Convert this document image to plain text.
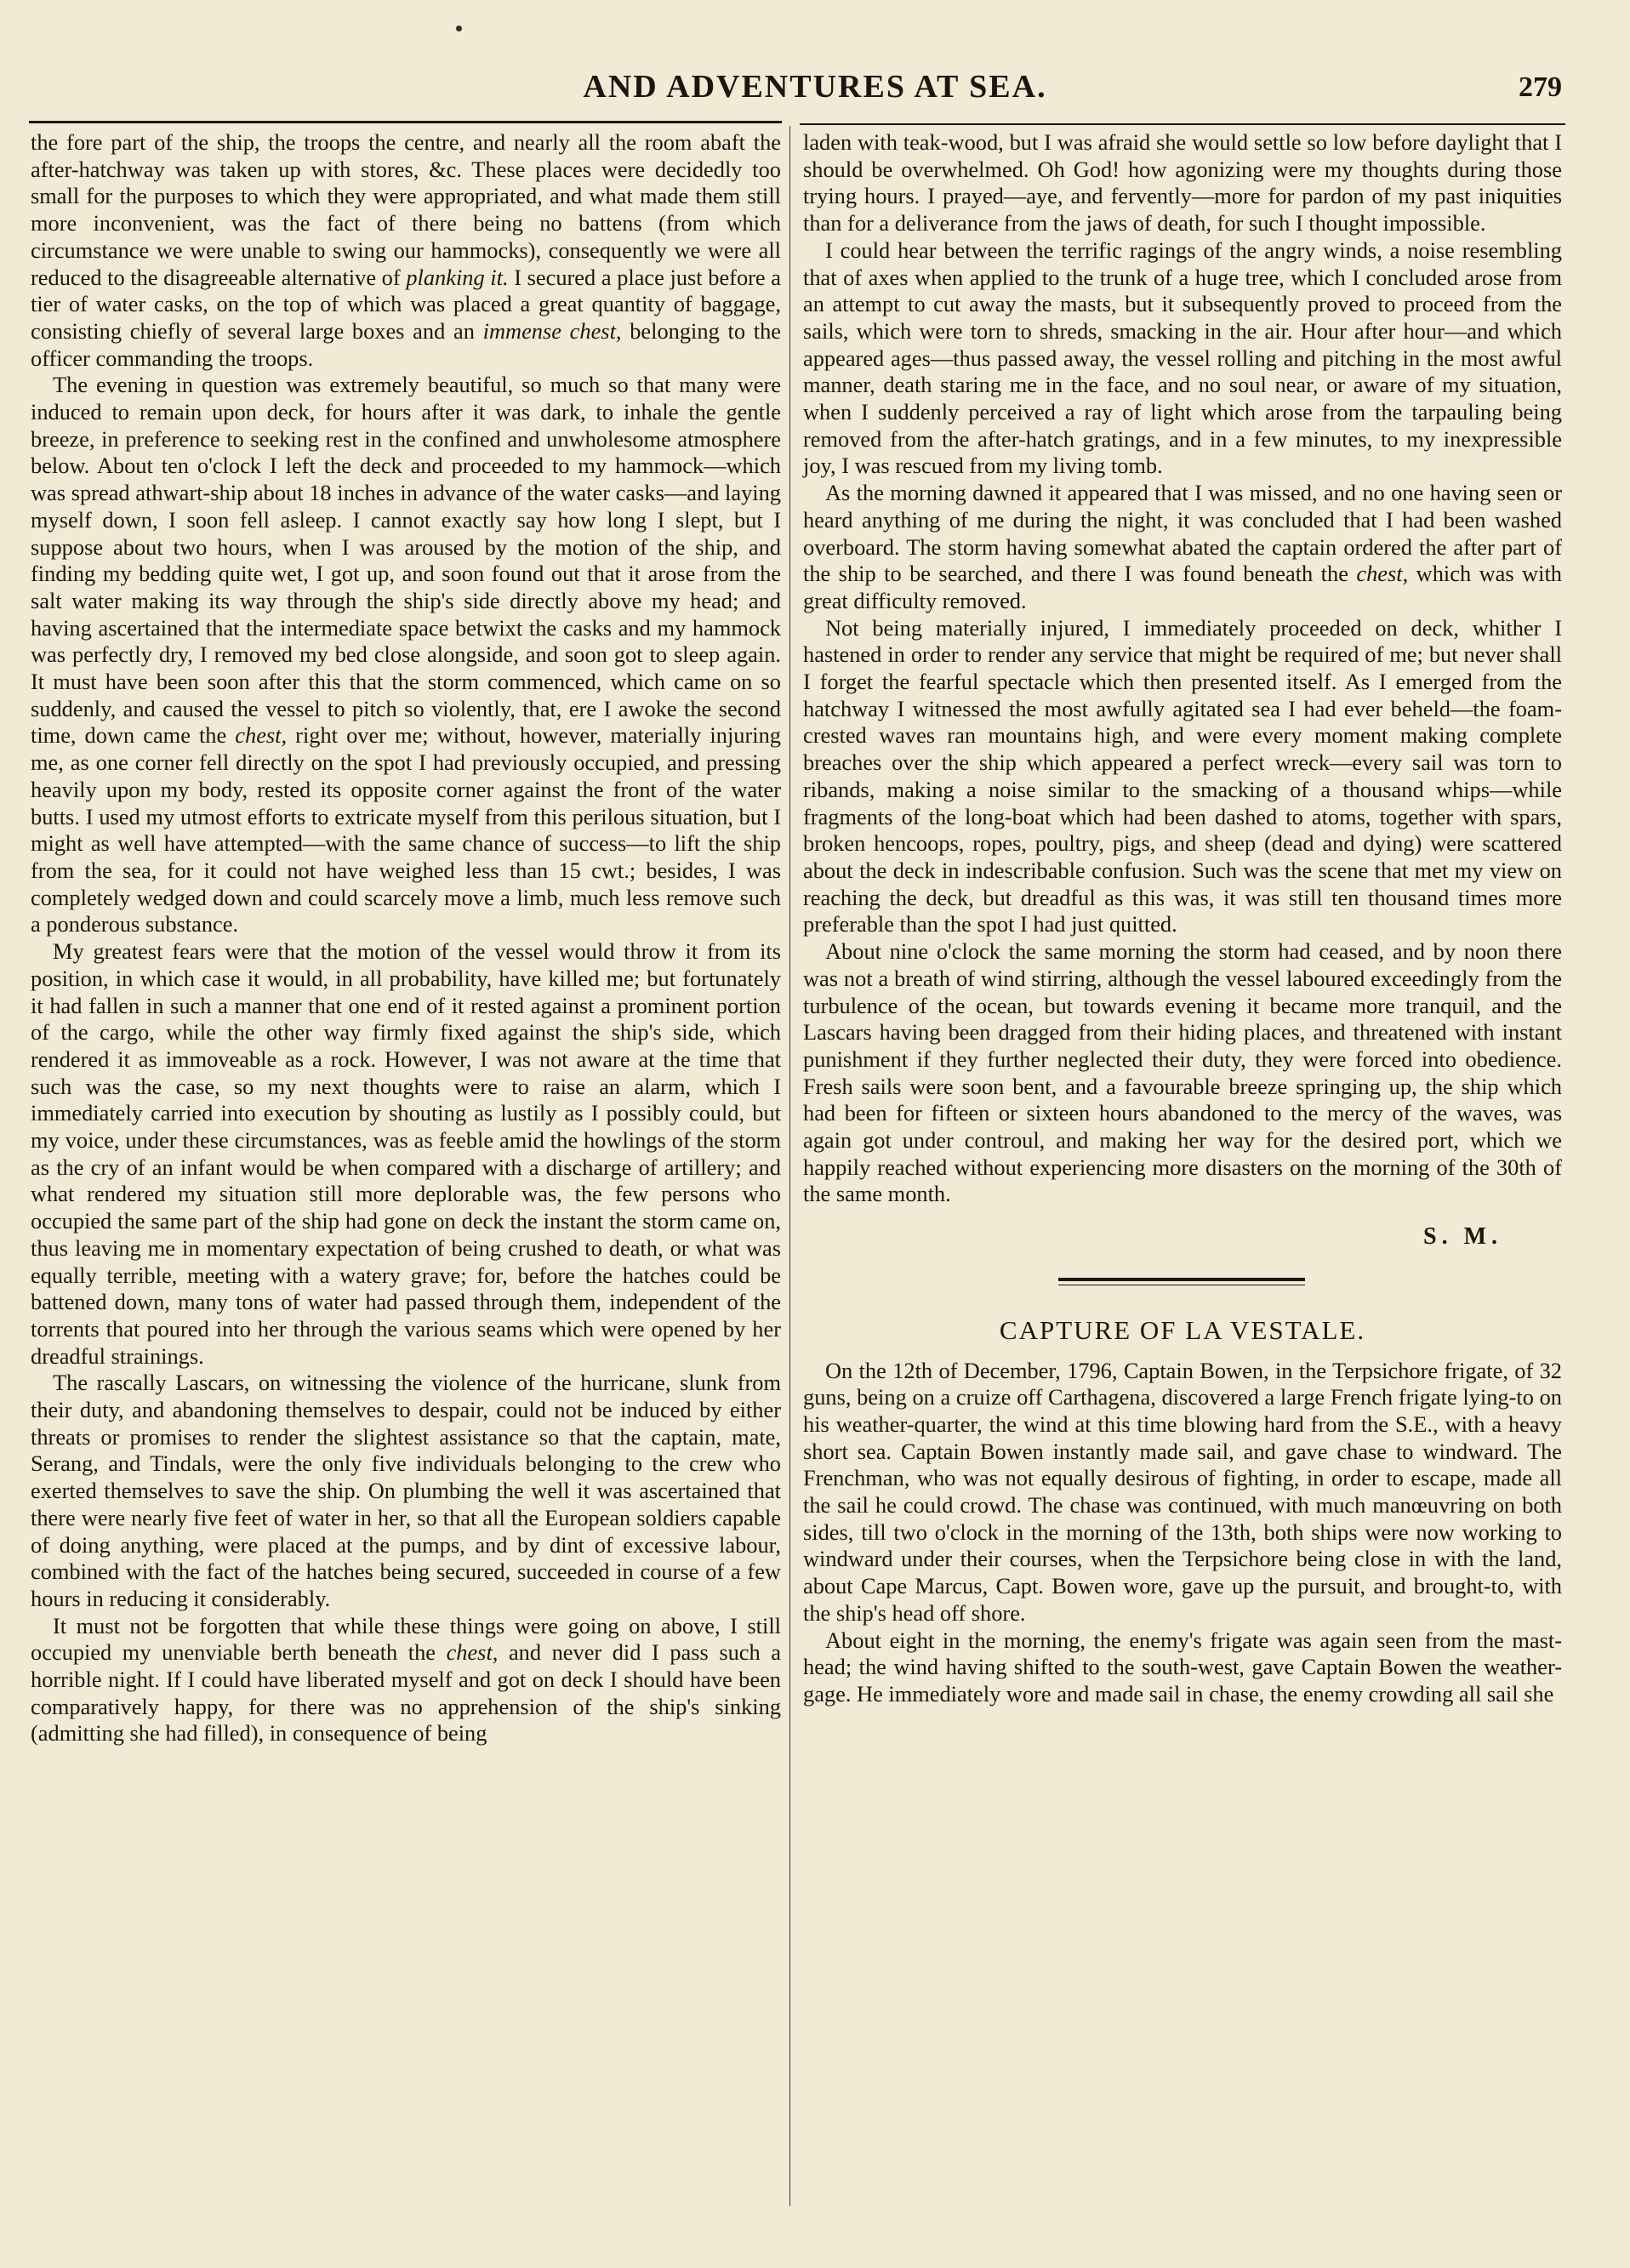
AND ADVENTURES AT SEA.	279

the fore part of the ship, the troops the centre, and nearly all the room abaft the after-hatchway was taken up with stores, &c. These places were decidedly too small for the purposes to which they were appropriated, and what made them still more inconvenient, was the fact of there being no battens (from which circumstance we were unable to swing our hammocks), consequently we were all reduced to the disagreeable alternative of planking it. I secured a place just before a tier of water casks, on the top of which was placed a great quantity of baggage, consisting chiefly of several large boxes and an immense chest, belonging to the officer commanding the troops.

The evening in question was extremely beautiful, so much so that many were induced to remain upon deck, for hours after it was dark, to inhale the gentle breeze, in preference to seeking rest in the confined and unwholesome atmosphere below. About ten o'clock I left the deck and proceeded to my hammock—which was spread athwart-ship about 18 inches in advance of the water casks—and laying myself down, I soon fell asleep. I cannot exactly say how long I slept, but I suppose about two hours, when I was aroused by the motion of the ship, and finding my bedding quite wet, I got up, and soon found out that it arose from the salt water making its way through the ship's side directly above my head; and having ascertained that the intermediate space betwixt the casks and my hammock was perfectly dry, I removed my bed close alongside, and soon got to sleep again. It must have been soon after this that the storm commenced, which came on so suddenly, and caused the vessel to pitch so violently, that, ere I awoke the second time, down came the chest, right over me; without, however, materially injuring me, as one corner fell directly on the spot I had previously occupied, and pressing heavily upon my body, rested its opposite corner against the front of the water butts. I used my utmost efforts to extricate myself from this perilous situation, but I might as well have attempted—with the same chance of success—to lift the ship from the sea, for it could not have weighed less than 15 cwt.; besides, I was completely wedged down and could scarcely move a limb, much less remove such a ponderous substance.

My greatest fears were that the motion of the vessel would throw it from its position, in which case it would, in all probability, have killed me; but fortunately it had fallen in such a manner that one end of it rested against a prominent portion of the cargo, while the other way firmly fixed against the ship's side, which rendered it as immoveable as a rock. However, I was not aware at the time that such was the case, so my next thoughts were to raise an alarm, which I immediately carried into execution by shouting as lustily as I possibly could, but my voice, under these circumstances, was as feeble amid the howlings of the storm as the cry of an infant would be when compared with a discharge of artillery; and what rendered my situation still more deplorable was, the few persons who occupied the same part of the ship had gone on deck the instant the storm came on, thus leaving me in momentary expectation of being crushed to death, or what was equally terrible, meeting with a watery grave; for, before the hatches could be battened down, many tons of water had passed through them, independent of the torrents that poured into her through the various seams which were opened by her dreadful strainings.

The rascally Lascars, on witnessing the violence of the hurricane, slunk from their duty, and abandoning themselves to despair, could not be induced by either threats or promises to render the slightest assistance so that the captain, mate, Serang, and Tindals, were the only five individuals belonging to the crew who exerted themselves to save the ship. On plumbing the well it was ascertained that there were nearly five feet of water in her, so that all the European soldiers capable of doing anything, were placed at the pumps, and by dint of excessive labour, combined with the fact of the hatches being secured, succeeded in course of a few hours in reducing it considerably.

It must not be forgotten that while these things were going on above, I still occupied my unenviable berth beneath the chest, and never did I pass such a horrible night. If I could have liberated myself and got on deck I should have been comparatively happy, for there was no apprehension of the ship's sinking (admitting she had filled), in consequence of being

laden with teak-wood, but I was afraid she would settle so low before daylight that I should be overwhelmed. Oh God! how agonizing were my thoughts during those trying hours. I prayed—aye, and fervently—more for pardon of my past iniquities than for a deliverance from the jaws of death, for such I thought impossible.

I could hear between the terrific ragings of the angry winds, a noise resembling that of axes when applied to the trunk of a huge tree, which I concluded arose from an attempt to cut away the masts, but it subsequently proved to proceed from the sails, which were torn to shreds, smacking in the air. Hour after hour—and which appeared ages—thus passed away, the vessel rolling and pitching in the most awful manner, death staring me in the face, and no soul near, or aware of my situation, when I suddenly perceived a ray of light which arose from the tarpauling being removed from the after-hatch gratings, and in a few minutes, to my inexpressible joy, I was rescued from my living tomb.

As the morning dawned it appeared that I was missed, and no one having seen or heard anything of me during the night, it was concluded that I had been washed overboard. The storm having somewhat abated the captain ordered the after part of the ship to be searched, and there I was found beneath the chest, which was with great difficulty removed.

Not being materially injured, I immediately proceeded on deck, whither I hastened in order to render any service that might be required of me; but never shall I forget the fearful spectacle which then presented itself. As I emerged from the hatchway I witnessed the most awfully agitated sea I had ever beheld—the foam-crested waves ran mountains high, and were every moment making complete breaches over the ship which appeared a perfect wreck—every sail was torn to ribands, making a noise similar to the smacking of a thousand whips—while fragments of the long-boat which had been dashed to atoms, together with spars, broken hencoops, ropes, poultry, pigs, and sheep (dead and dying) were scattered about the deck in indescribable confusion. Such was the scene that met my view on reaching the deck, but dreadful as this was, it was still ten thousand times more preferable than the spot I had just quitted.

About nine o'clock the same morning the storm had ceased, and by noon there was not a breath of wind stirring, although the vessel laboured exceedingly from the turbulence of the ocean, but towards evening it became more tranquil, and the Lascars having been dragged from their hiding places, and threatened with instant punishment if they further neglected their duty, they were forced into obedience. Fresh sails were soon bent, and a favourable breeze springing up, the ship which had been for fifteen or sixteen hours abandoned to the mercy of the waves, was again got under controul, and making her way for the desired port, which we happily reached without experiencing more disasters on the morning of the 30th of the same month.

S. M.
CAPTURE OF LA VESTALE.

On the 12th of December, 1796, Captain Bowen, in the Terpsichore frigate, of 32 guns, being on a cruize off Carthagena, discovered a large French frigate lying-to on his weather-quarter, the wind at this time blowing hard from the S.E., with a heavy short sea. Captain Bowen instantly made sail, and gave chase to windward. The Frenchman, who was not equally desirous of fighting, in order to escape, made all the sail he could crowd. The chase was continued, with much manœuvring on both sides, till two o'clock in the morning of the 13th, both ships were now working to windward under their courses, when the Terpsichore being close in with the land, about Cape Marcus, Capt. Bowen wore, gave up the pursuit, and brought-to, with the ship's head off shore.

About eight in the morning, the enemy's frigate was again seen from the mast-head; the wind having shifted to the south-west, gave Captain Bowen the weather-gage. He immediately wore and made sail in chase, the enemy crowding all sail she
